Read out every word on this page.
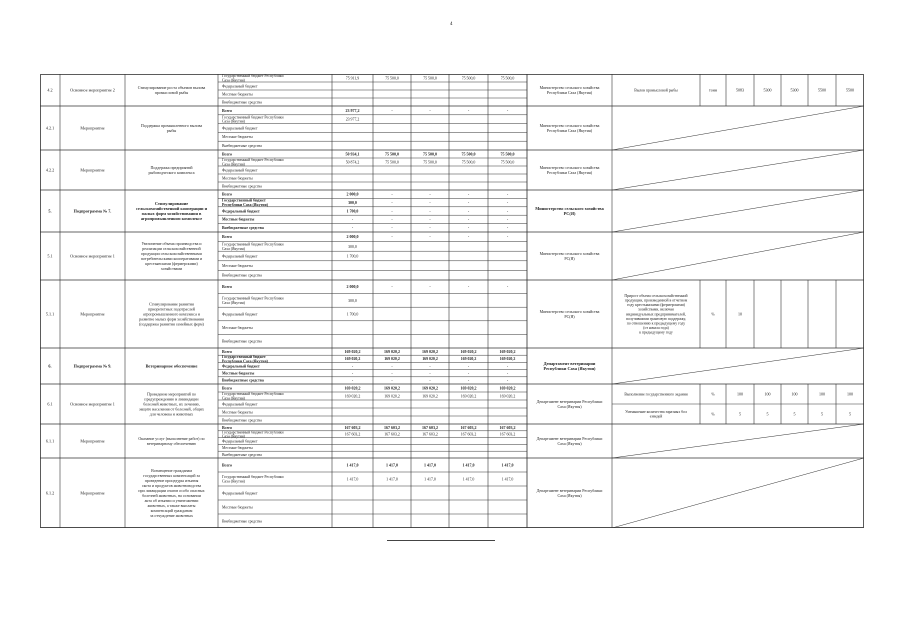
4
4.2	Основное мероприятие 2
Стимулирование роста объемов вылова
промысловой рыбы
Государственный бюджет Республики
Саха (Якутия)
75 911,9	75 500,0	75 500,0	75 500,0	75 500,0
Федеральный бюджет
Местные бюджеты
Внебюджетные средства
Министерство сельского хозяйства
Республики Саха (Якутия)	Вылов промысловой рыбы	тонн	5083	5300	5300	5500	5500
4.2.1	Мероприятие
Поддержка промышленного вылова
рыбы
Всего	23 977,2	-	-	-	-
Государственный бюджет Республики
Саха (Якутия)
23 977,2
Федеральный бюджет
Местные бюджеты
Внебюджетные средства
Министерство сельского хозяйства
Республики Саха (Якутия)
4.2.2	Мероприятие
Поддержка предприятий
рыбоводческого комплекса
Всего	50 934,1	75 500,0	75 500,0	75 500,0	75 500,0
Государственный бюджет Республики
Саха (Якутия)
50 874,2	75 500,0	75 500,0	75 500,0	75 500,0
Федеральный бюджет
Местные бюджеты
Внебюджетные средства
Министерство сельского хозяйства
Республики Саха (Якутия)
5.	Подпрограмма № 7.
Стимулирование
сельскохозяйственной кооперации и
малых форм хозяйствования в
агропромышленном комплексе
Всего	2 000,0	-	-	-	-
Государственный бюджет
Республики Саха (Якутия)
300,0	-	-	-	-
Федеральный бюджет	1 700,0	-	-	-	-
Местные бюджеты	-	-	-	-	-
Внебюджетные средства	-	-	-	-	-
Министерство сельского хозяйства
РС(Я)
5.1	Основное мероприятие 1
Увеличение объема производства и
реализации сельскохозяйственной
продукции сельскохозяйственными
потребительскими кооперативами и
крестьянскими (фермерскими)
хозяйствами
Всего	2 000,0	-	-	-	-
Государственный бюджет Республики
Саха (Якутия)
300,0
Федеральный бюджет	1 700,0
Местные бюджеты
Внебюджетные средства
Министерство сельского хозяйства
РС(Я)
5.1.1	Мероприятие
Стимулирование развития
приоритетных подотраслей
агропромышленного комплекса и
развитие малых форм хозяйствования
(поддержка развития семейных ферм)
Всего	2 000,0	-	-	-	-
Государственный бюджет Республики
Саха (Якутия)
300,0
Федеральный бюджет	1 700,0
Местные бюджеты
Внебюджетные средства
Министерство сельского хозяйства
РС(Я)
Прирост объема сельскохозяйственной
продукции, произведенной в отчетном
году крестьянскими (фермерскими)
хозяйствами, включая
индивидуальных предпринимателей,
получившими грантовую поддержку,
по отношению к предыдущему году
(от начала года)
к предыдущему году
%	10
6.	Подпрограмма № 9.	Ветеринарное обеспечение
Всего	169 020,2	169 020,2	169 020,2	169 020,2	169 020,2
Государственный бюджет
Республики Саха (Якутия)
169 020,2	169 020,2	169 020,2	169 020,2	169 020,2
Федеральный бюджет	-	-	-	-	-
Местные бюджеты	-	-	-	-	-
Внебюджетные средства	-	-	-	-	-
Департамент ветеринарии
Республики Саха (Якутия)
6.1	Основное мероприятие 1
Проведение мероприятий по
предупреждению и ликвидации
болезней животных, их лечению,
защите населения от болезней, общих
для человека и животных
Всего	169 020,2	169 020,2	169 020,2	169 020,2	169 020,2
Государственный бюджет Республики
Саха (Якутия)
169 020,2	169 020,2	169 020,2	169 020,2	169 020,2
Федеральный бюджет
Местные бюджеты
Внебюджетные средства
Департамент ветеринарии Республики
Саха (Якутия)
Выполнение государственного задания	%	100	100	100	100	100
Уменьшение количества заразных бол
езнедей
%	5	5	5	5	5
6.1.1	Мероприятие
Оказание услуг (выполнение работ) по
ветеринарному обеспечению
Всего	167 603,2	167 603,2	167 603,2	167 603,2	167 603,2
Государственный бюджет Республики
Саха (Якутия)
167 603,2	167 603,2	167 603,2	167 603,2	167 603,2
Федеральный бюджет
Местные бюджеты
Внебюджетные средства
Департамент ветеринарии Республики
Саха (Якутия)
6.1.2	Мероприятие
Возмещение гражданам
государственных компенсаций за
проведение процедуры изъятия
скота и продуктов животноводства
при ликвидации очагов особо опасных
болезней животных, на основании
акта об изъятии и уничтожении
животных, а также выплаты
компенсаций гражданам
за отчуждение животных
Всего	1 417,0	1 417,0	1 417,0	1 417,0	1 417,0
Государственный бюджет Республики
Саха (Якутия)
1 417,0	1 417,0	1 417,0	1 417,0	1 417,0
Федеральный бюджет
Местные бюджеты
Внебюджетные средства
Департамент ветеринарии Республики
Саха (Якутия)
